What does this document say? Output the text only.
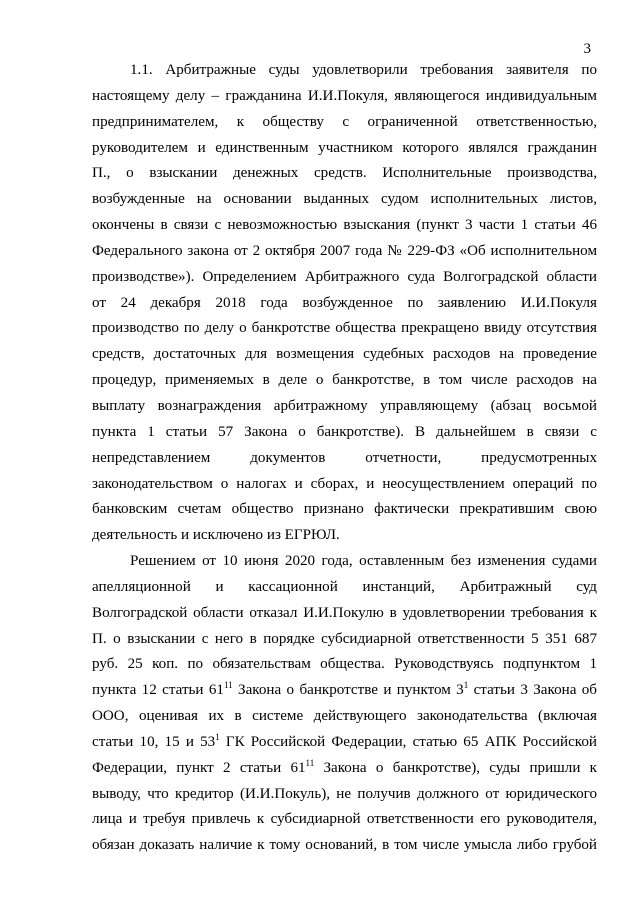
3
1.1. Арбитражные суды удовлетворили требования заявителя по
настоящему делу – гражданина И.И.Покуля, являющегося индивидуальным
предпринимателем, к обществу с ограниченной ответственностью,
руководителем и единственным участником которого являлся гражданин
П., о взыскании денежных средств. Исполнительные производства,
возбужденные на основании выданных судом исполнительных листов,
окончены в связи с невозможностью взыскания (пункт 3 части 1 статьи 46
Федерального закона от 2 октября 2007 года № 229-ФЗ «Об исполнительном
производстве»). Определением Арбитражного суда Волгоградской области
от 24 декабря 2018 года возбужденное по заявлению И.И.Покуля
производство по делу о банкротстве общества прекращено ввиду отсутствия
средств, достаточных для возмещения судебных расходов на проведение
процедур, применяемых в деле о банкротстве, в том числе расходов на
выплату вознаграждения арбитражному управляющему (абзац восьмой
пункта 1 статьи 57 Закона о банкротстве). В дальнейшем в связи с
непредставлением документов отчетности, предусмотренных
законодательством о налогах и сборах, и неосуществлением операций по
банковским счетам общество признано фактически прекратившим свою
деятельность и исключено из ЕГРЮЛ.
Решением от 10 июня 2020 года, оставленным без изменения судами
апелляционной и кассационной инстанций, Арбитражный суд
Волгоградской области отказал И.И.Покулю в удовлетворении требования к
П. о взыскании с него в порядке субсидиарной ответственности 5 351 687
руб. 25 коп. по обязательствам общества. Руководствуясь подпунктом 1
пункта 12 статьи $61^{11}$ Закона о банкротстве и пунктом $3^1$ статьи 3 Закона об
ООО, оценивая их в системе действующего законодательства (включая
статьи 10, 15 и $53^1$ ГК Российской Федерации, статью 65 АПК Российской
Федерации, пункт 2 статьи $61^{11}$ Закона о банкротстве), суды пришли к
выводу, что кредитор (И.И.Покуль), не получив должного от юридического
лица и требуя привлечь к субсидиарной ответственности его руководителя,
обязан доказать наличие к тому оснований, в том числе умысла либо грубой
